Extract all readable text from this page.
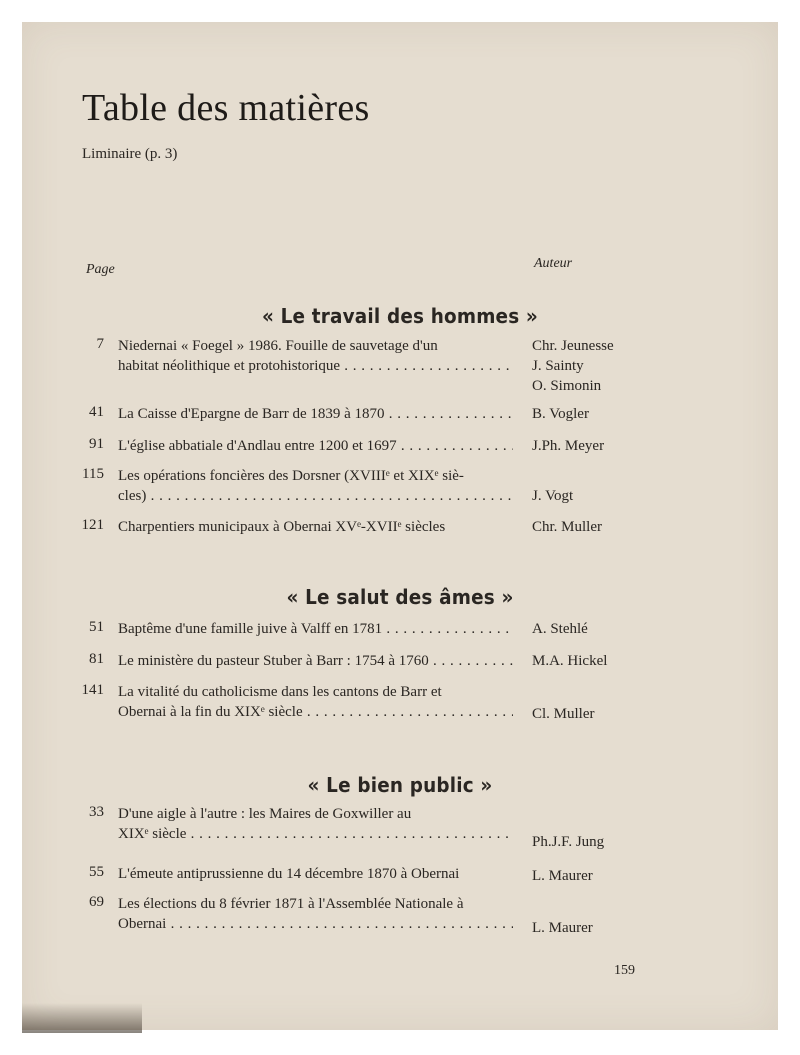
Table des matières
Liminaire (p. 3)
Page	Auteur
« Le travail des hommes »
7 Niedernai « Foegel » 1986. Fouille de sauvetage d'un
habitat néolithique et protohistorique . . .
Chr. Jeunesse
J. Sainty
O. Simonin
41 La Caisse d'Epargne de Barr de 1839 à 1870 . . .	B. Vogler
91 L'église abbatiale d'Andlau entre 1200 et 1697 . . .	J.Ph. Meyer
115 Les opérations foncières des Dorsner (XVIIIᵉ et XIXᵉ siè-
cles) . . .	J. Vogt
121 Charpentiers municipaux à Obernai XVᵉ-XVIIᵉ siècles	Chr. Muller
« Le salut des âmes »
51 Baptême d'une famille juive à Valff en 1781 . . .	A. Stehlé
81 Le ministère du pasteur Stuber à Barr : 1754 à 1760 . . .	M.A. Hickel
141 La vitalité du catholicisme dans les cantons de Barr et
Obernai à la fin du XIXᵉ siècle . . .	Cl. Muller
« Le bien public »
33 D'une aigle à l'autre : les Maires de Goxwiller au
XIXᵉ siècle . . .	Ph.J.F. Jung
55 L'émeute antiprussienne du 14 décembre 1870 à Obernai	L. Maurer
69 Les élections du 8 février 1871 à l'Assemblée Nationale à
Obernai . . .	L. Maurer
159
